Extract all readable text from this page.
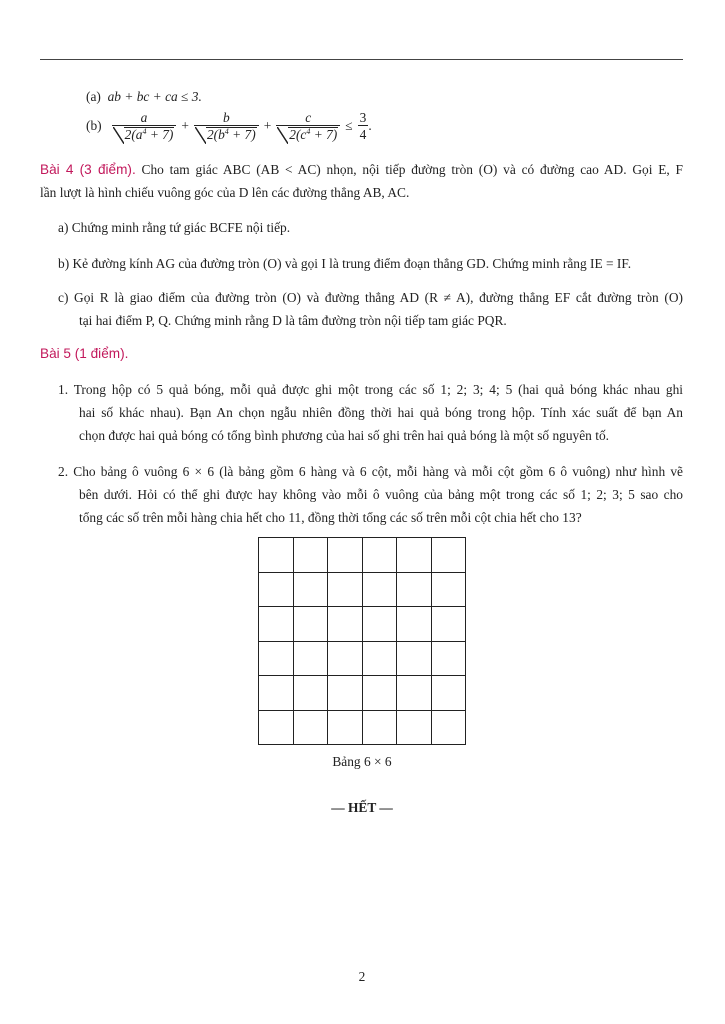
(a) ab + bc + ca ≤ 3.
$(b) \frac{a}{2(a^4 + 7)} + \frac{b}{2(b^4 + 7)} + \frac{c}{2(c^4 + 7)} \le \frac{3}{4}$ .
Bài 4 (3 điểm). Cho tam giác ABC (AB < AC) nhọn, nội tiếp đường tròn (O) và có đường cao AD. Gọi E, F
lần lượt là hình chiếu vuông góc của D lên các đường thẳng AB, AC.
a) Chứng minh rằng tứ giác BCFE nội tiếp.
b) Kẻ đường kính AG của đường tròn (O) và gọi I là trung điểm đoạn thẳng GD. Chứng minh rằng IE = IF.
c) Gọi R là giao điểm của đường tròn (O) và đường thẳng AD (R ≠ A), đường thẳng EF cắt đường tròn (O)
tại hai điểm P, Q. Chứng minh rằng D là tâm đường tròn nội tiếp tam giác PQR.
Bài 5 (1 điểm).
1. Trong hộp có 5 quả bóng, mỗi quả được ghi một trong các số 1; 2; 3; 4; 5 (hai quả bóng khác nhau ghi
hai số khác nhau). Bạn An chọn ngẫu nhiên đồng thời hai quả bóng trong hộp. Tính xác suất để bạn An
chọn được hai quả bóng có tổng bình phương của hai số ghi trên hai quả bóng là một số nguyên tố.
2. Cho bảng ô vuông 6 × 6 (là bảng gồm 6 hàng và 6 cột, mỗi hàng và mỗi cột gồm 6 ô vuông) như hình vẽ
bên dưới. Hỏi có thể ghi được hay không vào mỗi ô vuông của bảng một trong các số 1; 2; 3; 5 sao cho
tổng các số trên mỗi hàng chia hết cho 11, đồng thời tổng các số trên mỗi cột chia hết cho 13?

Bảng 6 × 6
— HẾT —
2
